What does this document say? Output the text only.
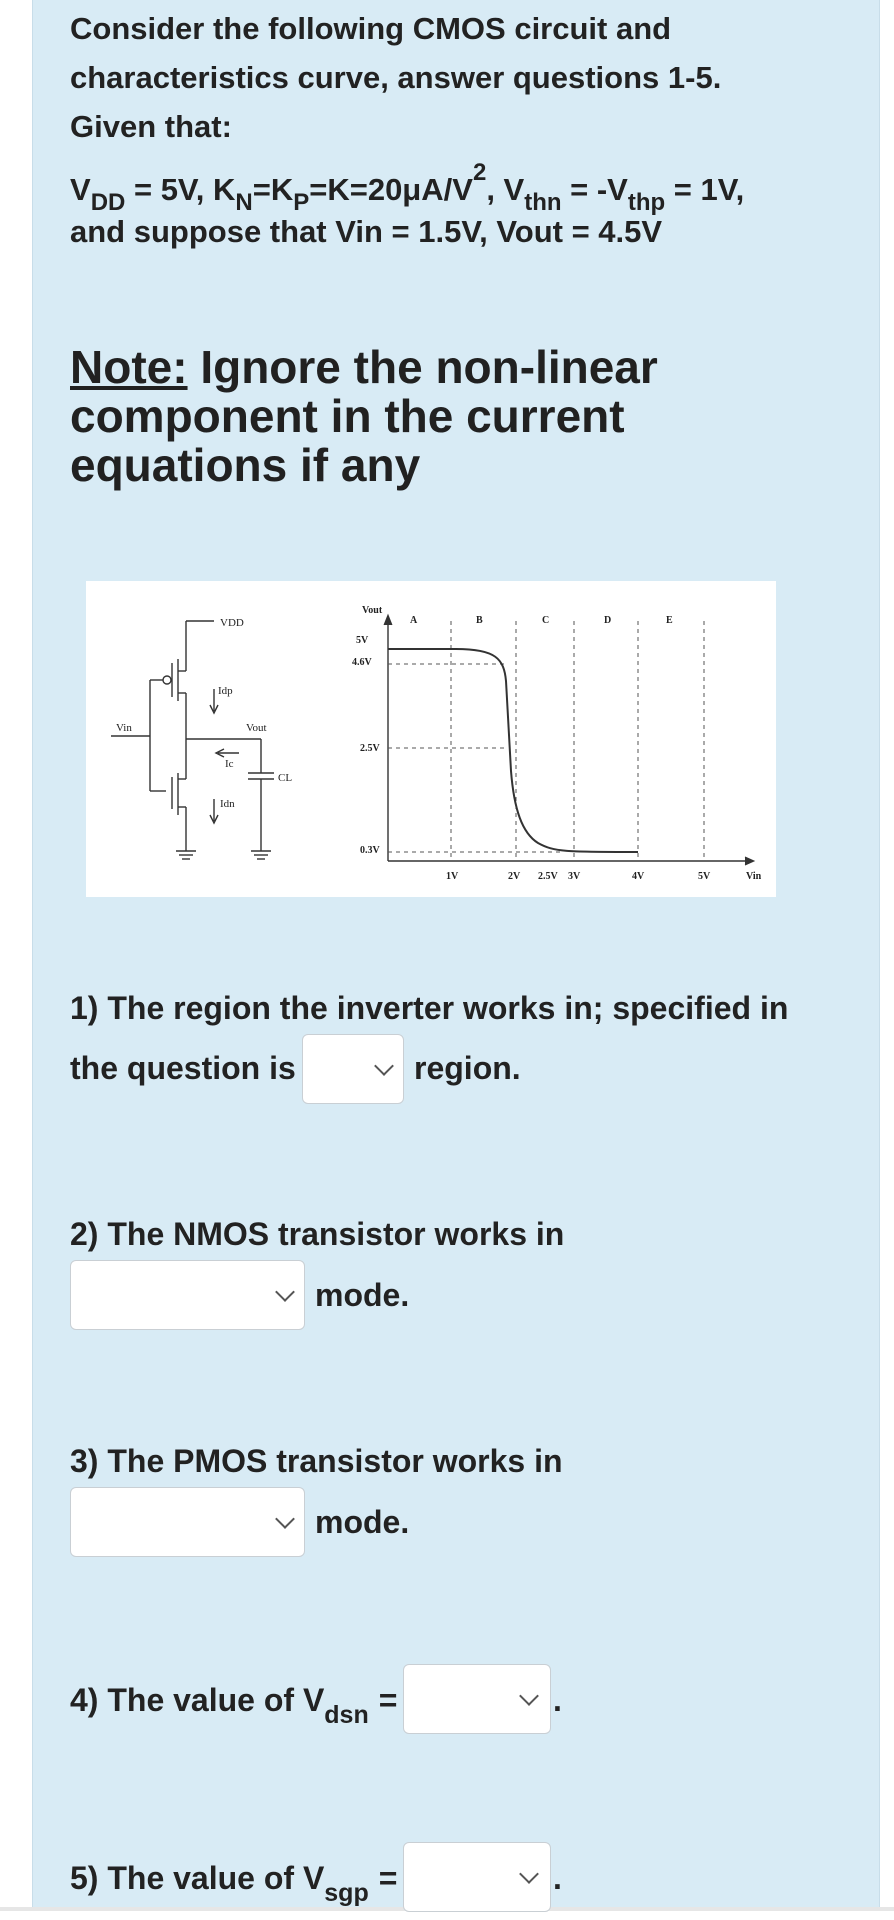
Consider the following CMOS circuit and
characteristics curve, answer questions 1-5.
Given that:
$V_{DD} = 5V$, $K_N=K_P=K=20\mu A/V^2$, $V_{thn} = -V_{thp} = 1V$,
and suppose that Vin = 1.5V, Vout = 4.5V
Note: Ignore the non-linear component in the current equations if any
VDD
Idp
Vin	Vout
Ic
CL
Idn
Vout
5V
4.6V
2.5V
0.3V
A	B	C	D	E
1V	2V 2.5V 3V	4V	5V	Vin
1) The region the inverter works in; specified in
the question is	region.
2) The NMOS transistor works in
mode.
3) The PMOS transistor works in
mode.
4) The value of $V_{dsn}$ =	.
5) The value of $V_{sgp}$ =	.
